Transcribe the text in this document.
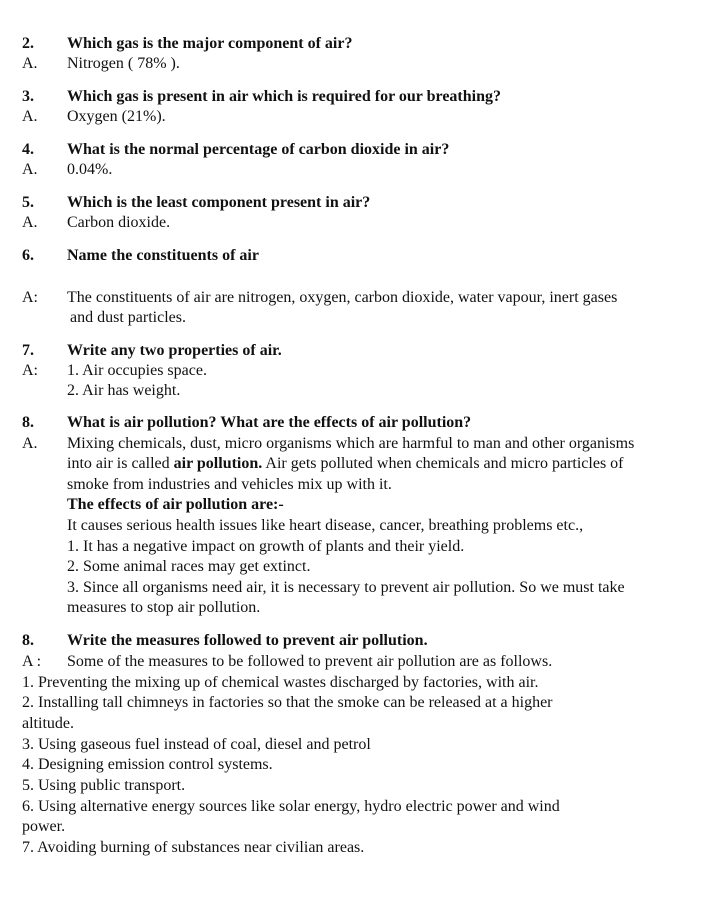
2. Which gas is the major component of air?
A. Nitrogen ( 78% ).
3. Which gas is present in air which is required for our breathing?
A. Oxygen (21%).
4. What is the normal percentage of carbon dioxide in air?
A. 0.04%.
5. Which is the least component present in air?
A. Carbon dioxide.
6. Name the constituents of air
A: The constituents of air are nitrogen, oxygen, carbon dioxide, water vapour, inert gases
and dust particles.
7. Write any two properties of air.
A: 1. Air occupies space.
2. Air has weight.
8. What is air pollution? What are the effects of air pollution?
A. Mixing chemicals, dust, micro organisms which are harmful to man and other organisms
into air is called air pollution. Air gets polluted when chemicals and micro particles of
smoke from industries and vehicles mix up with it.
The effects of air pollution are:-
It causes serious health issues like heart disease, cancer, breathing problems etc.,
1. It has a negative impact on growth of plants and their yield.
2. Some animal races may get extinct.
3. Since all organisms need air, it is necessary to prevent air pollution. So we must take
measures to stop air pollution.
8. Write the measures followed to prevent air pollution.
A : Some of the measures to be followed to prevent air pollution are as follows.
1. Preventing the mixing up of chemical wastes discharged by factories, with air.
2. Installing tall chimneys in factories so that the smoke can be released at a higher
altitude.
3. Using gaseous fuel instead of coal, diesel and petrol
4. Designing emission control systems.
5. Using public transport.
6. Using alternative energy sources like solar energy, hydro electric power and wind
power.
7. Avoiding burning of substances near civilian areas.
